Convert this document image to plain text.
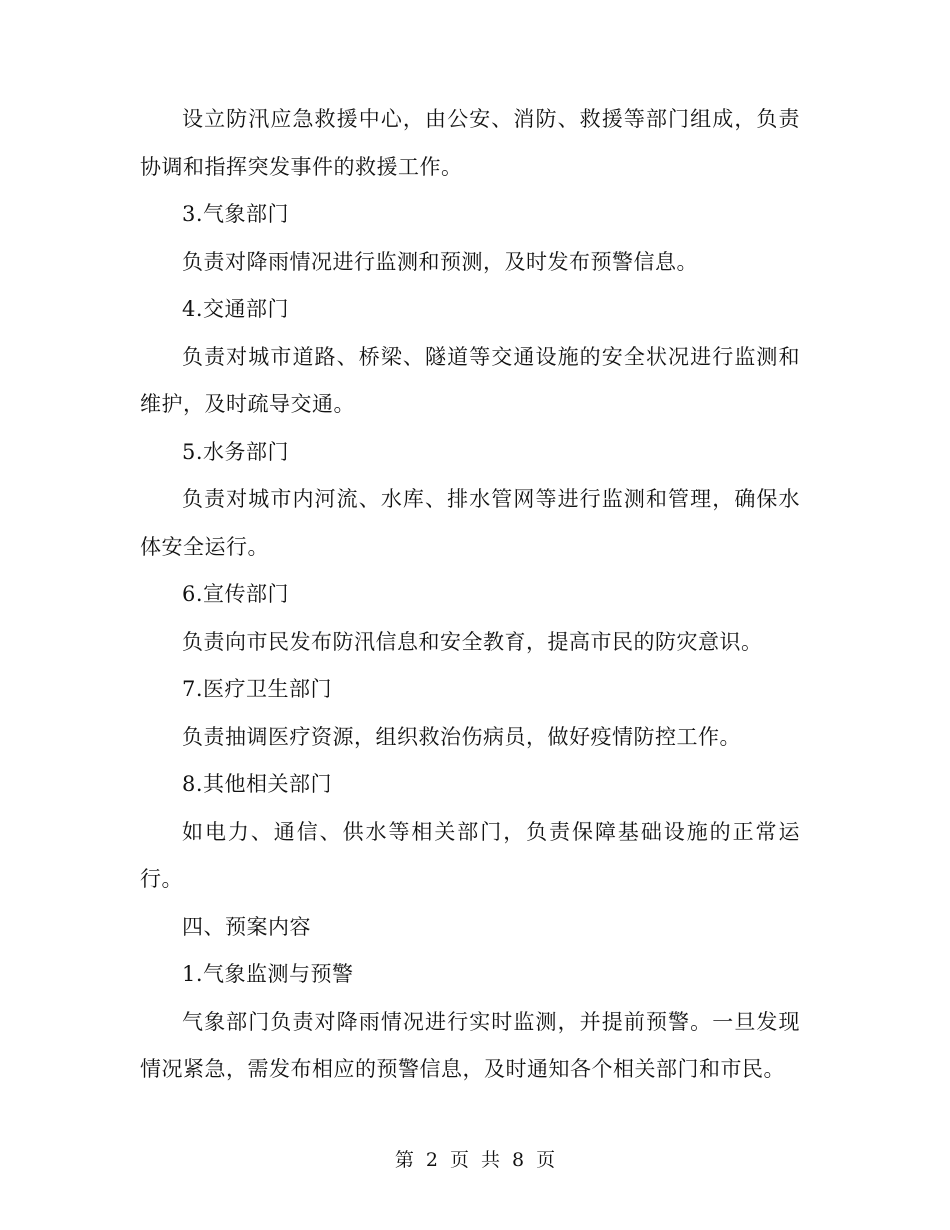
设立防汛应急救援中心，由公安、消防、救援等部门组成，负责协调和指挥突发事件的救援工作。

3.气象部门

负责对降雨情况进行监测和预测，及时发布预警信息。

4.交通部门

负责对城市道路、桥梁、隧道等交通设施的安全状况进行监测和维护，及时疏导交通。

5.水务部门

负责对城市内河流、水库、排水管网等进行监测和管理，确保水体安全运行。

6.宣传部门

负责向市民发布防汛信息和安全教育，提高市民的防灾意识。

7.医疗卫生部门

负责抽调医疗资源，组织救治伤病员，做好疫情防控工作。

8.其他相关部门

如电力、通信、供水等相关部门，负责保障基础设施的正常运行。

四、预案内容

1.气象监测与预警

气象部门负责对降雨情况进行实时监测，并提前预警。一旦发现情况紧急，需发布相应的预警信息，及时通知各个相关部门和市民。

第 2 页 共 8 页
